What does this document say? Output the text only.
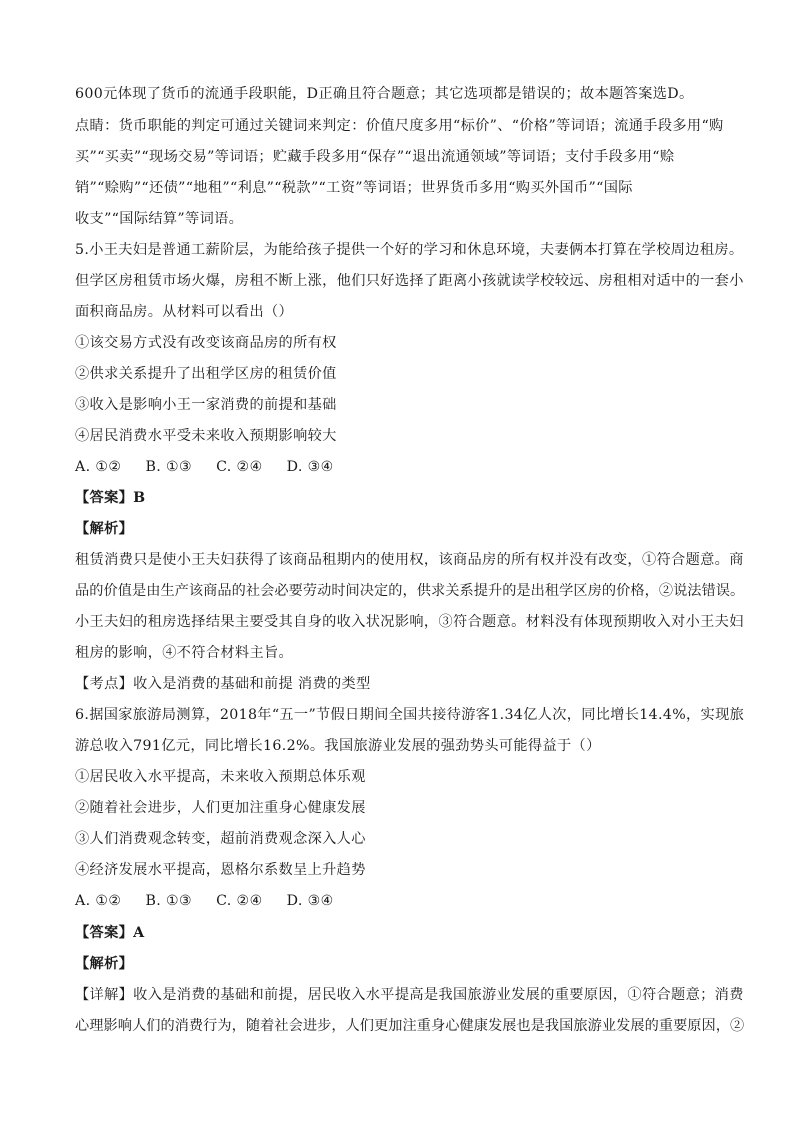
600元体现了货币的流通手段职能，D正确且符合题意；其它选项都是错误的；故本题答案选D。
点睛：货币职能的判定可通过关键词来判定：价值尺度多用“标价”、“价格”等词语；流通手段多用“购
买”“买卖”“现场交易”等词语；贮藏手段多用“保存”“退出流通领域”等词语；支付手段多用“赊
销”“赊购”“还债”“地租”“利息”“税款”“工资”等词语；世界货币多用“购买外国币”“国际
收支”“国际结算”等词语。
5.小王夫妇是普通工薪阶层，为能给孩子提供一个好的学习和休息环境，夫妻俩本打算在学校周边租房。
但学区房租赁市场火爆，房租不断上涨，他们只好选择了距离小孩就读学校较远、房租相对适中的一套小
面积商品房。从材料可以看出（）
①该交易方式没有改变该商品房的所有权
②供求关系提升了出租学区房的租赁价值
③收入是影响小王一家消费的前提和基础
④居民消费水平受未来收入预期影响较大
A. ①② B. ①③ C. ②④ D. ③④
【答案】B
【解析】
租赁消费只是使小王夫妇获得了该商品租期内的使用权，该商品房的所有权并没有改变，①符合题意。商
品的价值是由生产该商品的社会必要劳动时间决定的，供求关系提升的是出租学区房的价格，②说法错误。
小王夫妇的租房选择结果主要受其自身的收入状况影响，③符合题意。材料没有体现预期收入对小王夫妇
租房的影响，④不符合材料主旨。
【考点】收入是消费的基础和前提 消费的类型
6.据国家旅游局测算，2018年“五一”节假日期间全国共接待游客1.34亿人次，同比增长14.4%，实现旅
游总收入791亿元，同比增长16.2%。我国旅游业发展的强劲势头可能得益于（）
①居民收入水平提高，未来收入预期总体乐观
②随着社会进步，人们更加注重身心健康发展
③人们消费观念转变，超前消费观念深入人心
④经济发展水平提高，恩格尔系数呈上升趋势
A. ①② B. ①③ C. ②④ D. ③④
【答案】A
【解析】
【详解】收入是消费的基础和前提，居民收入水平提高是我国旅游业发展的重要原因，①符合题意；消费
心理影响人们的消费行为，随着社会进步，人们更加注重身心健康发展也是我国旅游业发展的重要原因，②
